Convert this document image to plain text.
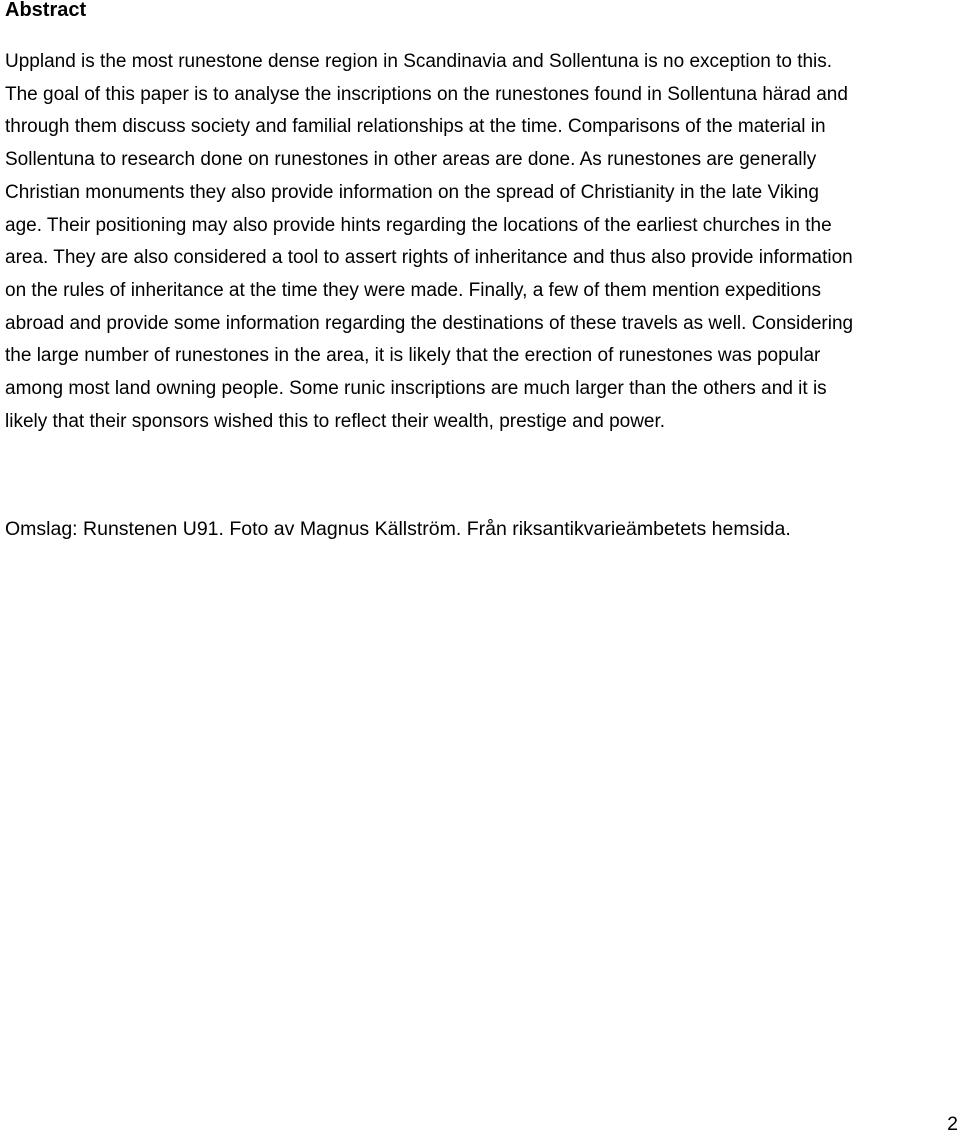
Abstract

Uppland is the most runestone dense region in Scandinavia and Sollentuna is no exception to this.
The goal of this paper is to analyse the inscriptions on the runestones found in Sollentuna härad and
through them discuss society and familial relationships at the time. Comparisons of the material in
Sollentuna to research done on runestones in other areas are done. As runestones are generally
Christian monuments they also provide information on the spread of Christianity in the late Viking
age. Their positioning may also provide hints regarding the locations of the earliest churches in the
area. They are also considered a tool to assert rights of inheritance and thus also provide information
on the rules of inheritance at the time they were made. Finally, a few of them mention expeditions
abroad and provide some information regarding the destinations of these travels as well. Considering
the large number of runestones in the area, it is likely that the erection of runestones was popular
among most land owning people. Some runic inscriptions are much larger than the others and it is
likely that their sponsors wished this to reflect their wealth, prestige and power.

Omslag: Runstenen U91. Foto av Magnus Källström. Från riksantikvarieämbetets hemsida.

2
